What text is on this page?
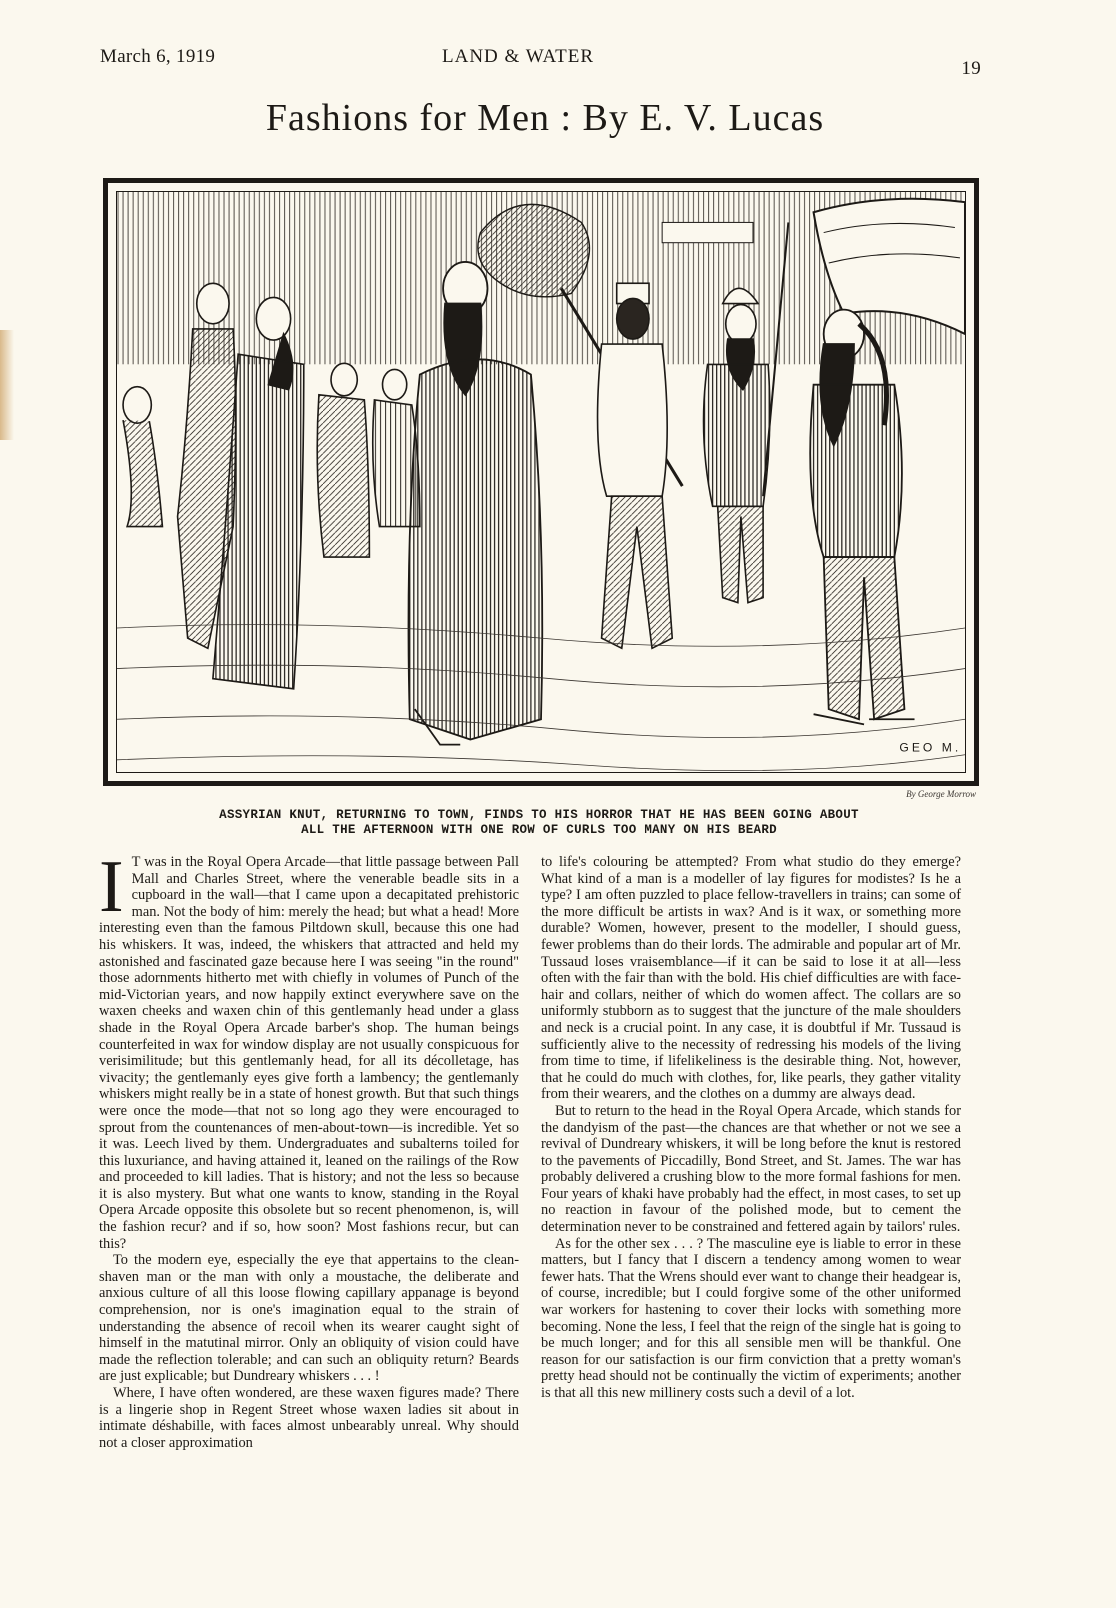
March 6, 1919	LAND & WATER
19
Fashions for Men : By E. V. Lucas
GEO M.
By George Morrow
ASSYRIAN KNUT, RETURNING TO TOWN, FINDS TO HIS HORROR THAT HE HAS BEEN GOING ABOUT
ALL THE AFTERNOON WITH ONE ROW OF CURLS TOO MANY ON HIS BEARD

I T was in the Royal Opera Arcade—that little passage between Pall Mall and Charles Street, where the venerable beadle sits in a cupboard in the wall—that I came upon a decapitated prehistoric man. Not the body of him: merely the head; but what a head! More interesting even than the famous Piltdown skull, because this one had his whiskers. It was, indeed, the whiskers that attracted and held my astonished and fascinated gaze because here I was seeing "in the round" those adornments hitherto met with chiefly in volumes of Punch of the mid-Victorian years, and now happily extinct everywhere save on the waxen cheeks and waxen chin of this gentlemanly head under a glass shade in the Royal Opera Arcade barber's shop. The human beings counterfeited in wax for window display are not usually conspicuous for verisimilitude; but this gentlemanly head, for all its décolletage, has vivacity; the gentlemanly eyes give forth a lambency; the gentlemanly whiskers might really be in a state of honest growth. But that such things were once the mode—that not so long ago they were encouraged to sprout from the countenances of men-about-town—is incredible. Yet so it was. Leech lived by them. Undergraduates and subalterns toiled for this luxuriance, and having attained it, leaned on the railings of the Row and proceeded to kill ladies. That is history; and not the less so because it is also mystery. But what one wants to know, standing in the Royal Opera Arcade opposite this obsolete but so recent phenomenon, is, will the fashion recur? and if so, how soon? Most fashions recur, but can this?

To the modern eye, especially the eye that appertains to the clean-shaven man or the man with only a moustache, the deliberate and anxious culture of all this loose flowing capillary appanage is beyond comprehension, nor is one's imagination equal to the strain of understanding the absence of recoil when its wearer caught sight of himself in the matutinal mirror. Only an obliquity of vision could have made the reflection tolerable; and can such an obliquity return? Beards are just explicable; but Dundreary whiskers . . . !

Where, I have often wondered, are these waxen figures made? There is a lingerie shop in Regent Street whose waxen ladies sit about in intimate déshabille, with faces almost unbearably unreal. Why should not a closer approximation

to life's colouring be attempted? From what studio do they emerge? What kind of a man is a modeller of lay figures for modistes? Is he a type? I am often puzzled to place fellow-travellers in trains; can some of the more difficult be artists in wax? And is it wax, or something more durable? Women, however, present to the modeller, I should guess, fewer problems than do their lords. The admirable and popular art of Mr. Tussaud loses vraisemblance—if it can be said to lose it at all—less often with the fair than with the bold. His chief difficulties are with face-hair and collars, neither of which do women affect. The collars are so uniformly stubborn as to suggest that the juncture of the male shoulders and neck is a crucial point. In any case, it is doubtful if Mr. Tussaud is sufficiently alive to the necessity of redressing his models of the living from time to time, if lifelikeliness is the desirable thing. Not, however, that he could do much with clothes, for, like pearls, they gather vitality from their wearers, and the clothes on a dummy are always dead.

But to return to the head in the Royal Opera Arcade, which stands for the dandyism of the past—the chances are that whether or not we see a revival of Dundreary whiskers, it will be long before the knut is restored to the pavements of Piccadilly, Bond Street, and St. James. The war has probably delivered a crushing blow to the more formal fashions for men. Four years of khaki have probably had the effect, in most cases, to set up no reaction in favour of the polished mode, but to cement the determination never to be constrained and fettered again by tailors' rules.

As for the other sex . . . ? The masculine eye is liable to error in these matters, but I fancy that I discern a tendency among women to wear fewer hats. That the Wrens should ever want to change their headgear is, of course, incredible; but I could forgive some of the other uniformed war workers for hastening to cover their locks with something more becoming. None the less, I feel that the reign of the single hat is going to be much longer; and for this all sensible men will be thankful. One reason for our satisfaction is our firm conviction that a pretty woman's pretty head should not be continually the victim of experiments; another is that all this new millinery costs such a devil of a lot.
